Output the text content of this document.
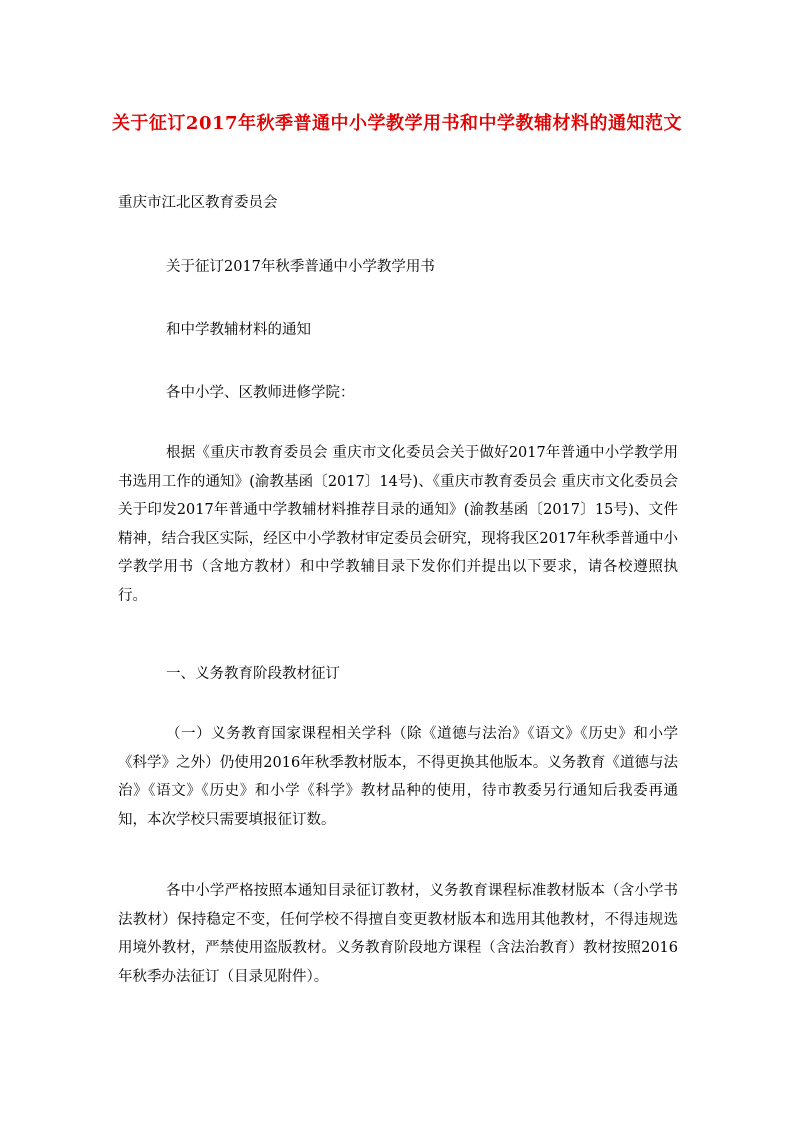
关于征订2017年秋季普通中小学教学用书和中学教辅材料的通知范文
重庆市江北区教育委员会
关于征订2017年秋季普通中小学教学用书
和中学教辅材料的通知
各中小学、区教师进修学院：
根据《重庆市教育委员会 重庆市文化委员会关于做好2017年普通中小学教学用书选用工作的通知》(渝教基函〔2017〕14号)、《重庆市教育委员会 重庆市文化委员会关于印发2017年普通中学教辅材料推荐目录的通知》(渝教基函〔2017〕15号)、文件精神，结合我区实际，经区中小学教材审定委员会研究，现将我区2017年秋季普通中小学教学用书（含地方教材）和中学教辅目录下发你们并提出以下要求，请各校遵照执行。
一、义务教育阶段教材征订
（一）义务教育国家课程相关学科（除《道德与法治》《语文》《历史》和小学《科学》之外）仍使用2016年秋季教材版本，不得更换其他版本。义务教育《道德与法治》《语文》《历史》和小学《科学》教材品种的使用，待市教委另行通知后我委再通知，本次学校只需要填报征订数。
各中小学严格按照本通知目录征订教材，义务教育课程标准教材版本（含小学书法教材）保持稳定不变，任何学校不得擅自变更教材版本和选用其他教材，不得违规选用境外教材，严禁使用盗版教材。义务教育阶段地方课程（含法治教育）教材按照2016年秋季办法征订（目录见附件）。
